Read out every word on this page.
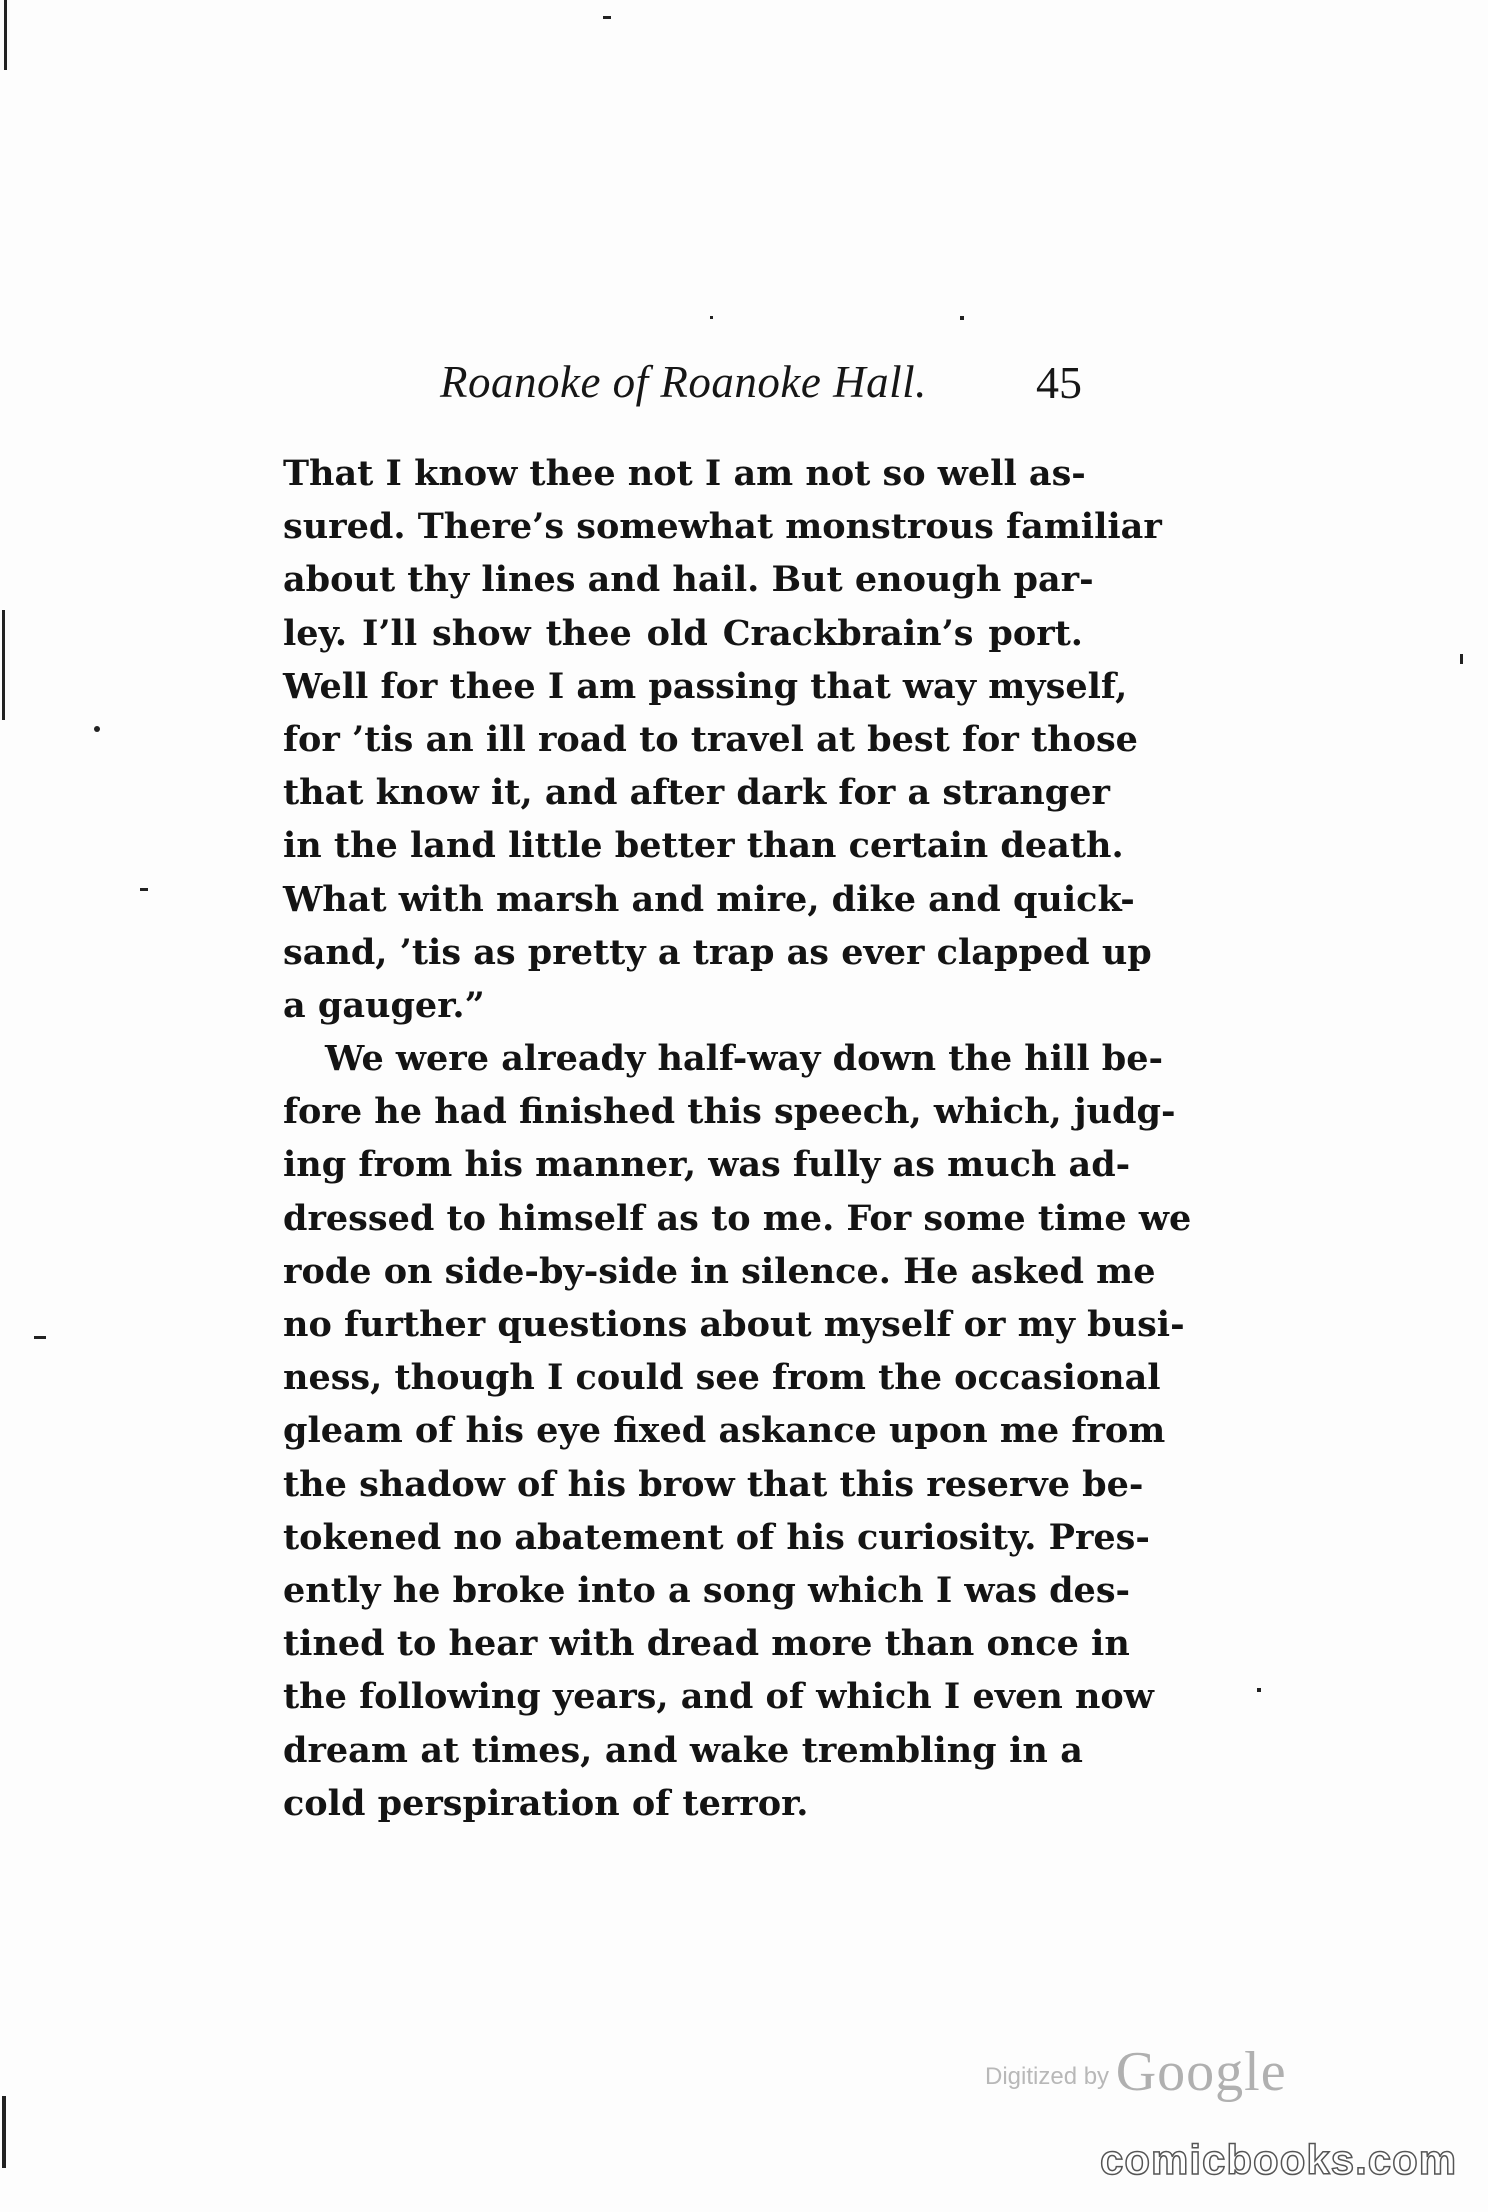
Roanoke of Roanoke Hall. 45
That I know thee not I am not so well as-
sured. There’s somewhat monstrous familiar
about thy lines and hail. But enough par-
ley. I’ll show thee old Crackbrain’s port.
Well for thee I am passing that way myself,
for ’tis an ill road to travel at best for those
that know it, and after dark for a stranger
in the land little better than certain death.
What with marsh and mire, dike and quick-
sand, ’tis as pretty a trap as ever clapped up
a gauger.”
We were already half-way down the hill be-
fore he had finished this speech, which, judg-
ing from his manner, was fully as much ad-
dressed to himself as to me. For some time we
rode on side-by-side in silence. He asked me
no further questions about myself or my busi-
ness, though I could see from the occasional
gleam of his eye fixed askance upon me from
the shadow of his brow that this reserve be-
tokened no abatement of his curiosity. Pres-
ently he broke into a song which I was des-
tined to hear with dread more than once in
the following years, and of which I even now
dream at times, and wake trembling in a
cold perspiration of terror.
Digitized by Google
comicbooks.com
